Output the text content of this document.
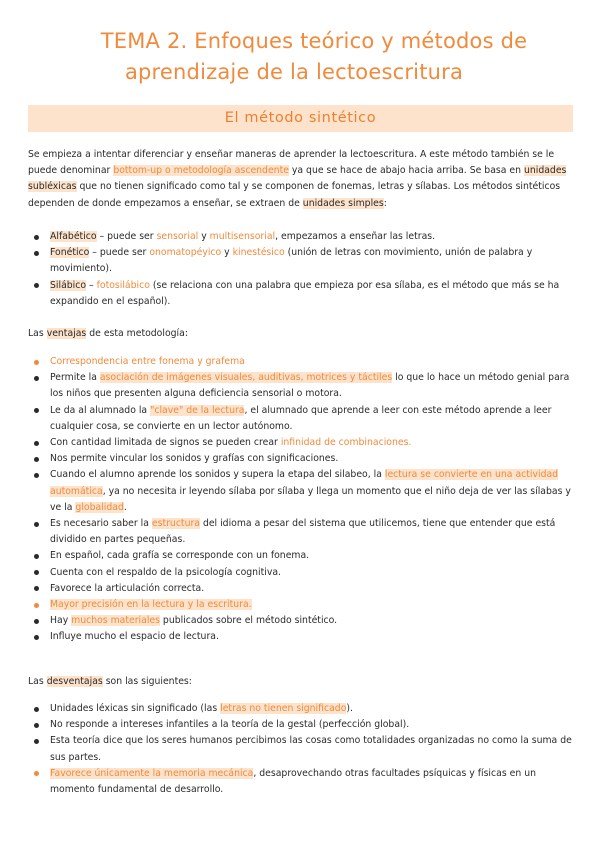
TEMA 2. Enfoques teórico y métodos de
aprendizaje de la lectoescritura
El método sintético

Se empieza a intentar diferenciar y enseñar maneras de aprender la lectoescritura. A este método también se le puede denominar bottom-up o metodología ascendente ya que se hace de abajo hacia arriba. Se basa en unidades subléxicas que no tienen significado como tal y se componen de fonemas, letras y sílabas. Los métodos sintéticos dependen de donde empezamos a enseñar, se extraen de unidades simples:

Alfabético – puede ser sensorial y multisensorial, empezamos a enseñar las letras.
Fonético – puede ser onomatopéyico y kinestésico (unión de letras con movimiento, unión de palabra y movimiento).
Silábico – fotosilábico (se relaciona con una palabra que empieza por esa sílaba, es el método que más se ha expandido en el español).

Las ventajas de esta metodología:

Correspondencia entre fonema y grafema
Permite la asociación de imágenes visuales, auditivas, motrices y táctiles lo que lo hace un método genial para los niños que presenten alguna deficiencia sensorial o motora.
Le da al alumnado la "clave" de la lectura, el alumnado que aprende a leer con este método aprende a leer cualquier cosa, se convierte en un lector autónomo.
Con cantidad limitada de signos se pueden crear infinidad de combinaciones.
Nos permite vincular los sonidos y grafías con significaciones.
Cuando el alumno aprende los sonidos y supera la etapa del silabeo, la lectura se convierte en una actividad automática, ya no necesita ir leyendo sílaba por sílaba y llega un momento que el niño deja de ver las sílabas y ve la globalidad.
Es necesario saber la estructura del idioma a pesar del sistema que utilicemos, tiene que entender que está dividido en partes pequeñas.
En español, cada grafía se corresponde con un fonema.
Cuenta con el respaldo de la psicología cognitiva.
Favorece la articulación correcta.
Mayor precisión en la lectura y la escritura.
Hay muchos materiales publicados sobre el método sintético.
Influye mucho el espacio de lectura.

Las desventajas son las siguientes:

Unidades léxicas sin significado (las letras no tienen significado).
No responde a intereses infantiles a la teoría de la gestal (perfección global).
Esta teoría dice que los seres humanos percibimos las cosas como totalidades organizadas no como la suma de sus partes.
Favorece únicamente la memoria mecánica, desaprovechando otras facultades psíquicas y físicas en un momento fundamental de desarrollo.
